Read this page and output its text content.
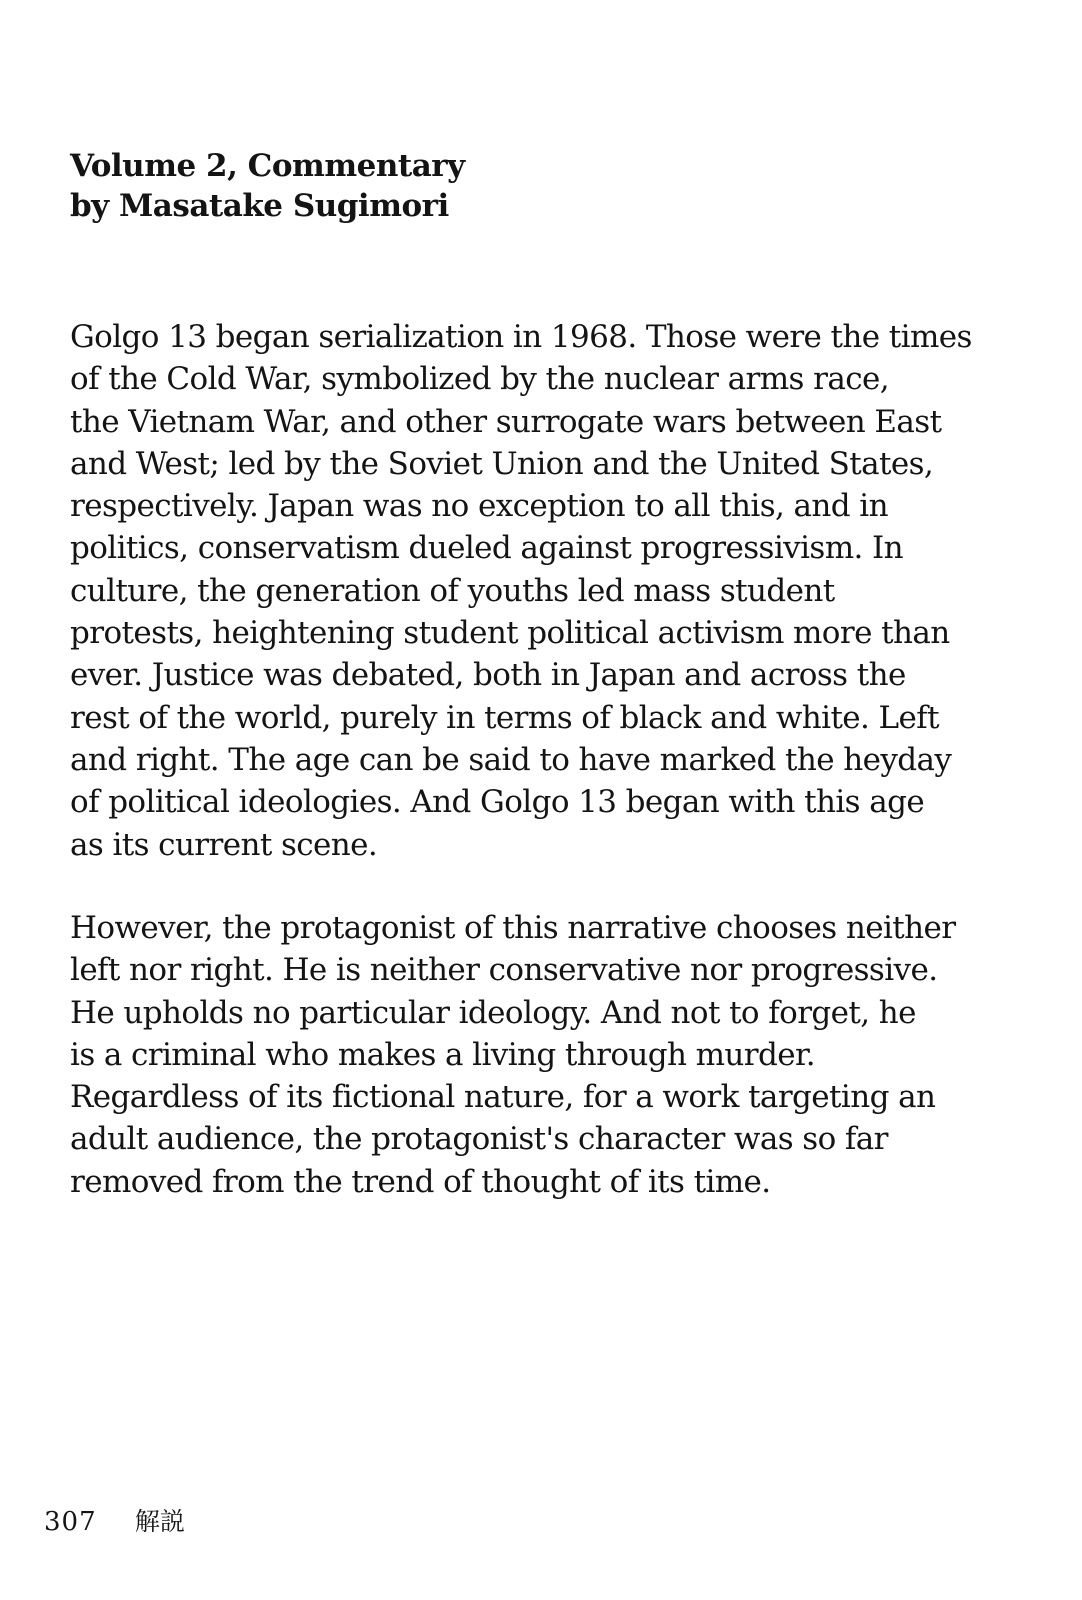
Volume 2, Commentary
by Masatake Sugimori

Golgo 13 began serialization in 1968. Those were the times
of the Cold War, symbolized by the nuclear arms race,
the Vietnam War, and other surrogate wars between East
and West; led by the Soviet Union and the United States,
respectively. Japan was no exception to all this, and in
politics, conservatism dueled against progressivism. In
culture, the generation of youths led mass student
protests, heightening student political activism more than
ever. Justice was debated, both in Japan and across the
rest of the world, purely in terms of black and white. Left
and right. The age can be said to have marked the heyday
of political ideologies. And Golgo 13 began with this age
as its current scene.

However, the protagonist of this narrative chooses neither
left nor right. He is neither conservative nor progressive.
He upholds no particular ideology. And not to forget, he
is a criminal who makes a living through murder.
Regardless of its fictional nature, for a work targeting an
adult audience, the protagonist's character was so far
removed from the trend of thought of its time.

307 解説
